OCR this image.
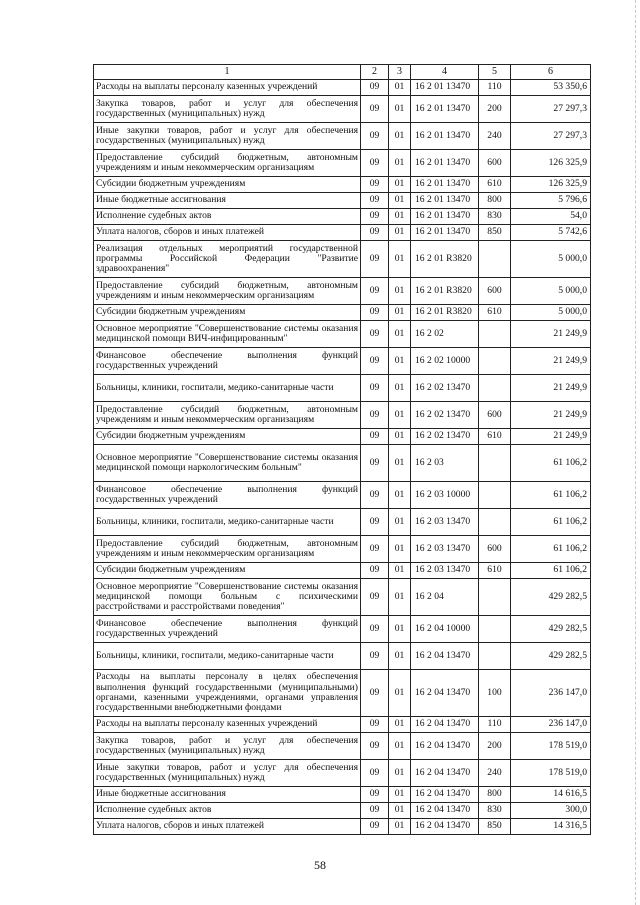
1	2	3	4	5	6
Расходы на выплаты персоналу казенных учреждений	09	01	16 2 01 13470	110	53 350,6
Закупка товаров, работ и услуг для обеспечения государственных (муниципальных) нужд	09	01	16 2 01 13470	200	27 297,3
Иные закупки товаров, работ и услуг для обеспечения государственных (муниципальных) нужд	09	01	16 2 01 13470	240	27 297,3
Предоставление субсидий бюджетным, автономным учреждениям и иным некоммерческим организациям	09	01	16 2 01 13470	600	126 325,9
Субсидии бюджетным учреждениям	09	01	16 2 01 13470	610	126 325,9
Иные бюджетные ассигнования	09	01	16 2 01 13470	800	5 796,6
Исполнение судебных актов	09	01	16 2 01 13470	830	54,0
Уплата налогов, сборов и иных платежей	09	01	16 2 01 13470	850	5 742,6
Реализация отдельных мероприятий государственной программы Российской Федерации "Развитие здравоохранения"	09	01	16 2 01 R3820		5 000,0
Предоставление субсидий бюджетным, автономным учреждениям и иным некоммерческим организациям	09	01	16 2 01 R3820	600	5 000,0
Субсидии бюджетным учреждениям	09	01	16 2 01 R3820	610	5 000,0
Основное мероприятие "Совершенствование системы оказания медицинской помощи ВИЧ-инфицированным"	09	01	16 2 02		21 249,9
Финансовое обеспечение выполнения функций государственных учреждений	09	01	16 2 02 10000		21 249,9
Больницы, клиники, госпитали, медико-санитарные части	09	01	16 2 02 13470		21 249,9
Предоставление субсидий бюджетным, автономным учреждениям и иным некоммерческим организациям	09	01	16 2 02 13470	600	21 249,9
Субсидии бюджетным учреждениям	09	01	16 2 02 13470	610	21 249,9
Основное мероприятие "Совершенствование системы оказания медицинской помощи наркологическим больным"	09	01	16 2 03		61 106,2
Финансовое обеспечение выполнения функций государственных учреждений	09	01	16 2 03 10000		61 106,2
Больницы, клиники, госпитали, медико-санитарные части	09	01	16 2 03 13470		61 106,2
Предоставление субсидий бюджетным, автономным учреждениям и иным некоммерческим организациям	09	01	16 2 03 13470	600	61 106,2
Субсидии бюджетным учреждениям	09	01	16 2 03 13470	610	61 106,2
Основное мероприятие "Совершенствование системы оказания медицинской помощи больным с психическими расстройствами и расстройствами поведения"	09	01	16 2 04		429 282,5
Финансовое обеспечение выполнения функций государственных учреждений	09	01	16 2 04 10000		429 282,5
Больницы, клиники, госпитали, медико-санитарные части	09	01	16 2 04 13470		429 282,5
Расходы на выплаты персоналу в целях обеспечения выполнения функций государственными (муниципальными) органами, казенными учреждениями, органами управления государственными внебюджетными фондами	09	01	16 2 04 13470	100	236 147,0
Расходы на выплаты персоналу казенных учреждений	09	01	16 2 04 13470	110	236 147,0
Закупка товаров, работ и услуг для обеспечения государственных (муниципальных) нужд	09	01	16 2 04 13470	200	178 519,0
Иные закупки товаров, работ и услуг для обеспечения государственных (муниципальных) нужд	09	01	16 2 04 13470	240	178 519,0
Иные бюджетные ассигнования	09	01	16 2 04 13470	800	14 616,5
Исполнение судебных актов	09	01	16 2 04 13470	830	300,0
Уплата налогов, сборов и иных платежей	09	01	16 2 04 13470	850	14 316,5
58
